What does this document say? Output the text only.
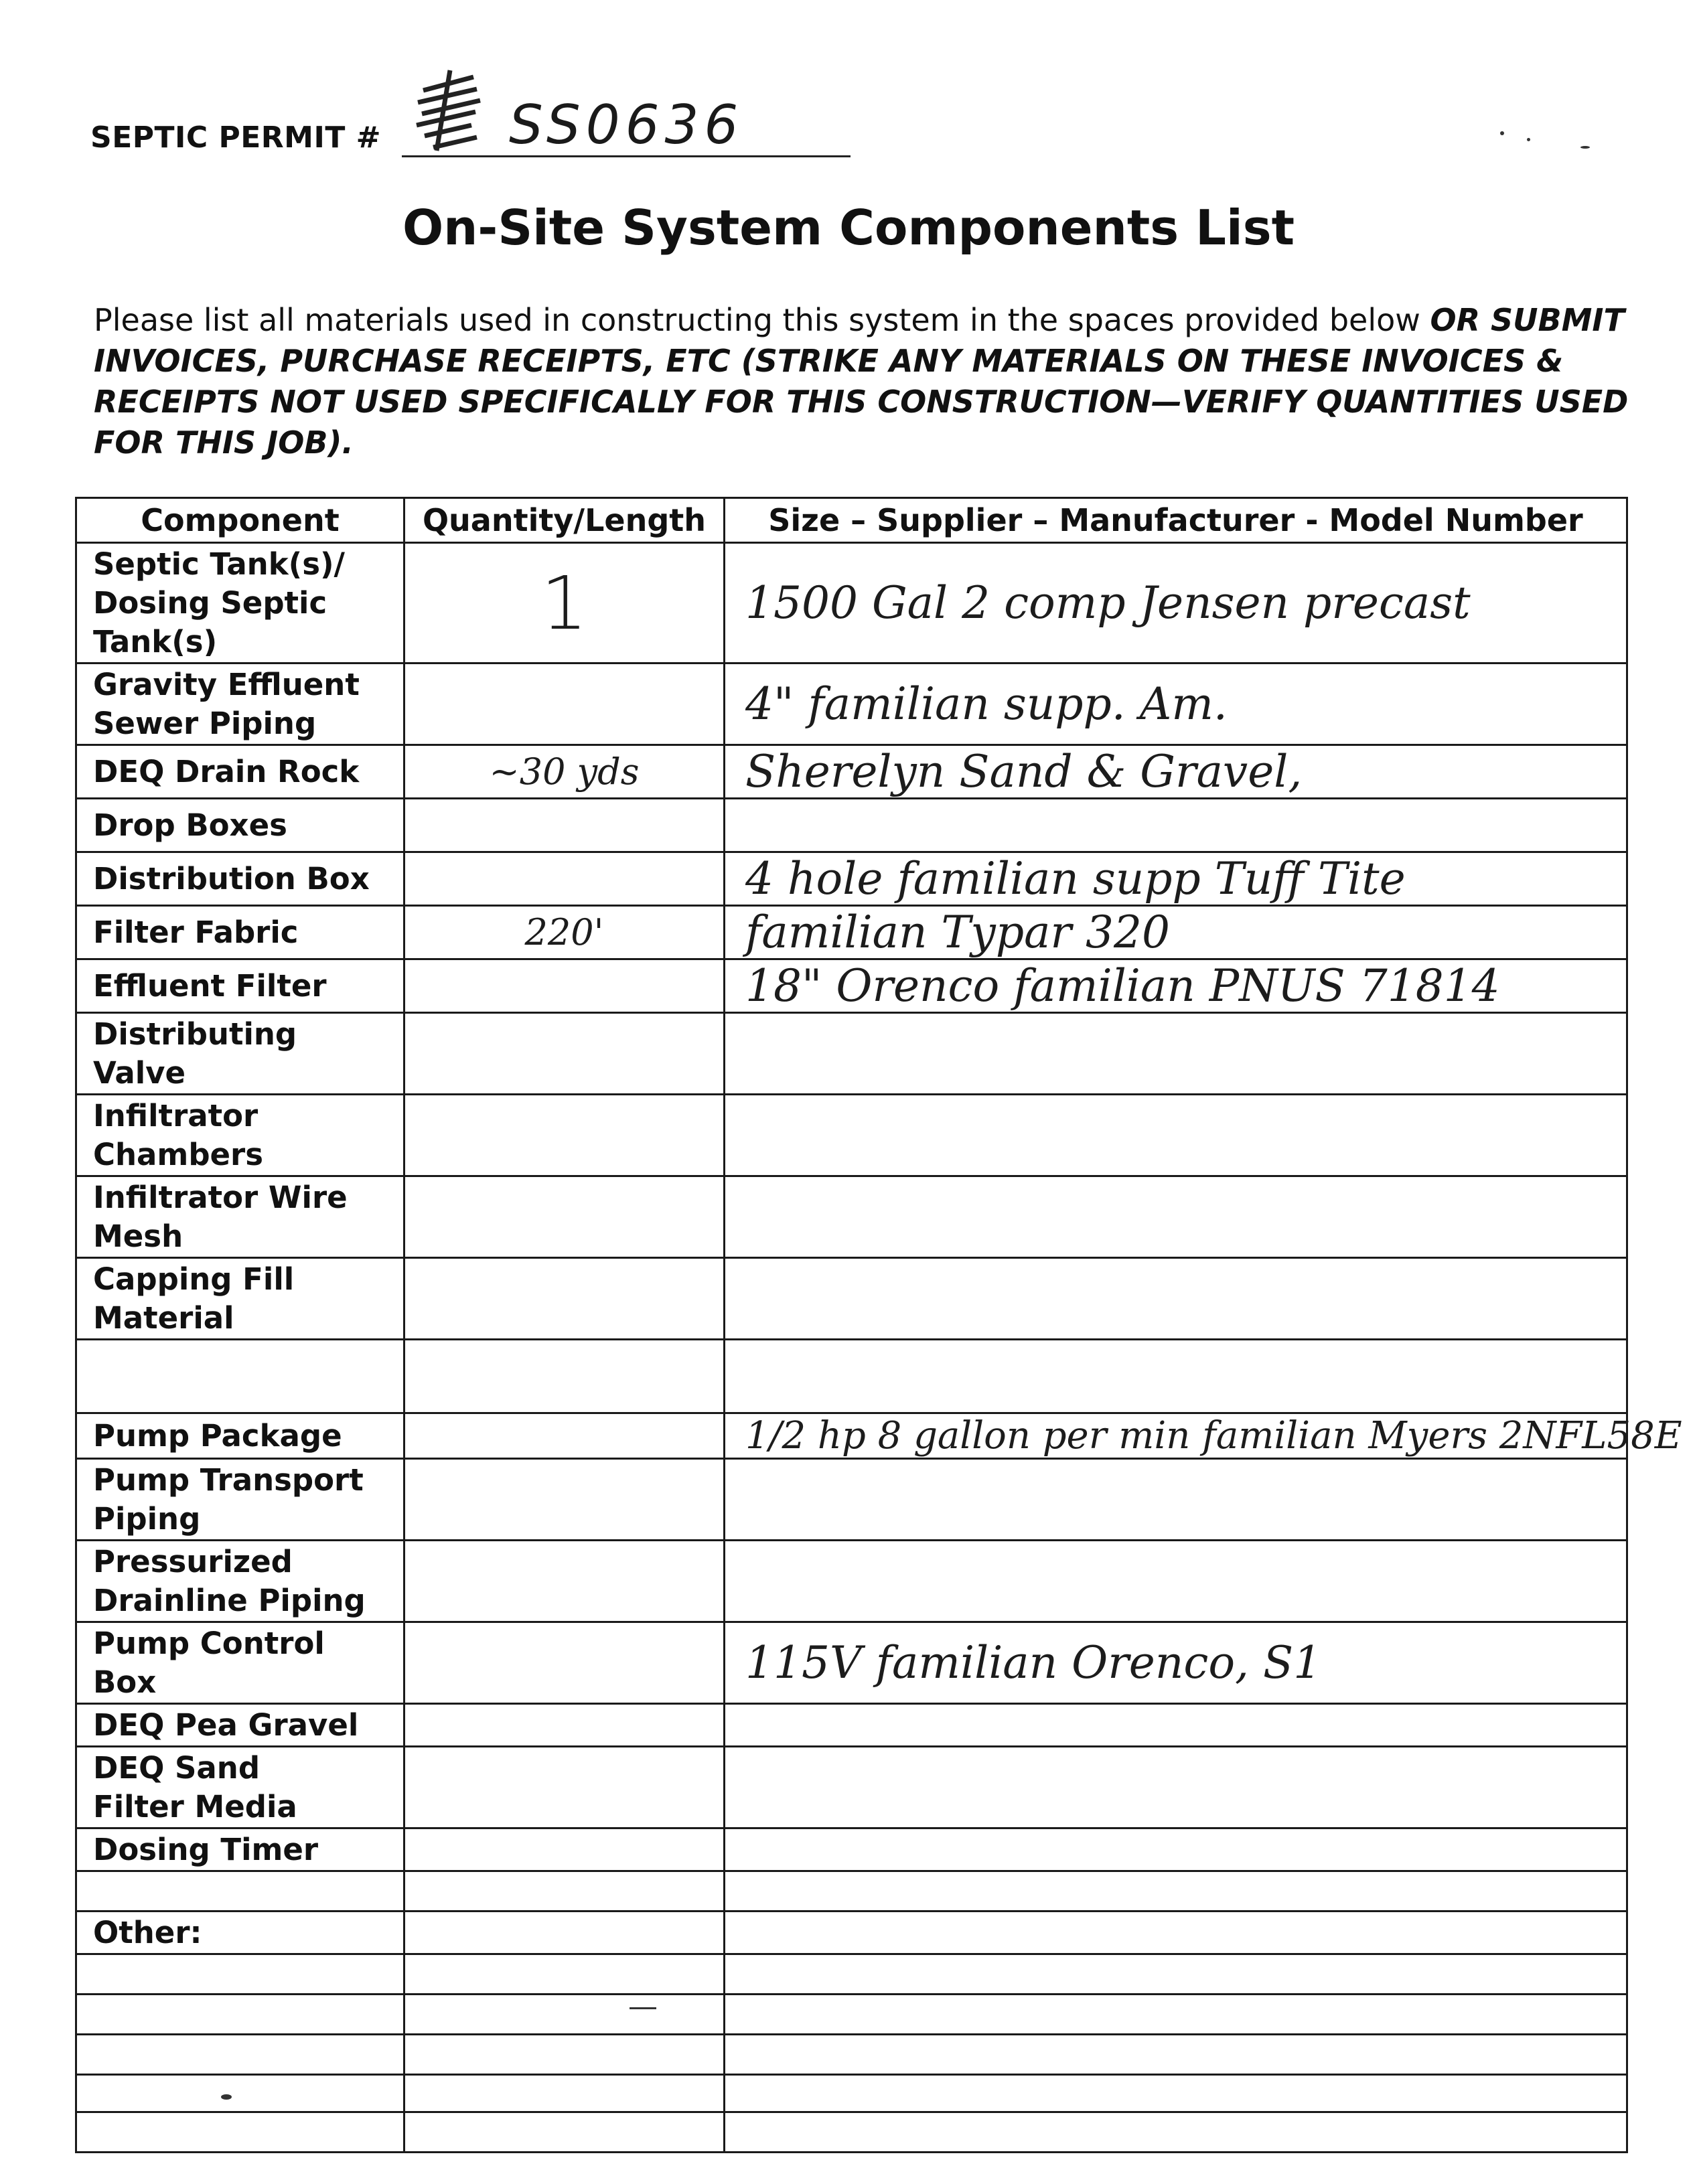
SEPTIC PERMIT # SS0636
On-Site System Components List
Please list all materials used in constructing this system in the spaces provided below OR SUBMIT INVOICES, PURCHASE RECEIPTS, ETC (STRIKE ANY MATERIALS ON THESE INVOICES & RECEIPTS NOT USED SPECIFICALLY FOR THIS CONSTRUCTION—VERIFY QUANTITIES USED FOR THIS JOB).
Component	Quantity/Length	Size – Supplier – Manufacturer - Model Number
Septic Tank(s)/
Dosing Septic
Tank(s)	1	1500 Gal 2 comp Jensen precast
Gravity Effluent
Sewer Piping		4" familian supp. Am.
DEQ Drain Rock	~30 yds	Sherelyn Sand & Gravel,
Drop Boxes		
Distribution Box		4 hole familian supp Tuff Tite
Filter Fabric	220'	familian Typar 320
Effluent Filter		18" Orenco familian PNUS 71814
Distributing
Valve		
Infiltrator
Chambers		
Infiltrator Wire
Mesh		
Capping Fill
Material		

Pump Package		1/2 hp 8 gallon per min familian Myers 2NFL58E
Pump Transport
Piping		
Pressurized
Drainline Piping		
Pump Control
Box		115V familian Orenco, S1
DEQ Pea Gravel		
DEQ Sand
Filter Media		
Dosing Timer		

Other:		
